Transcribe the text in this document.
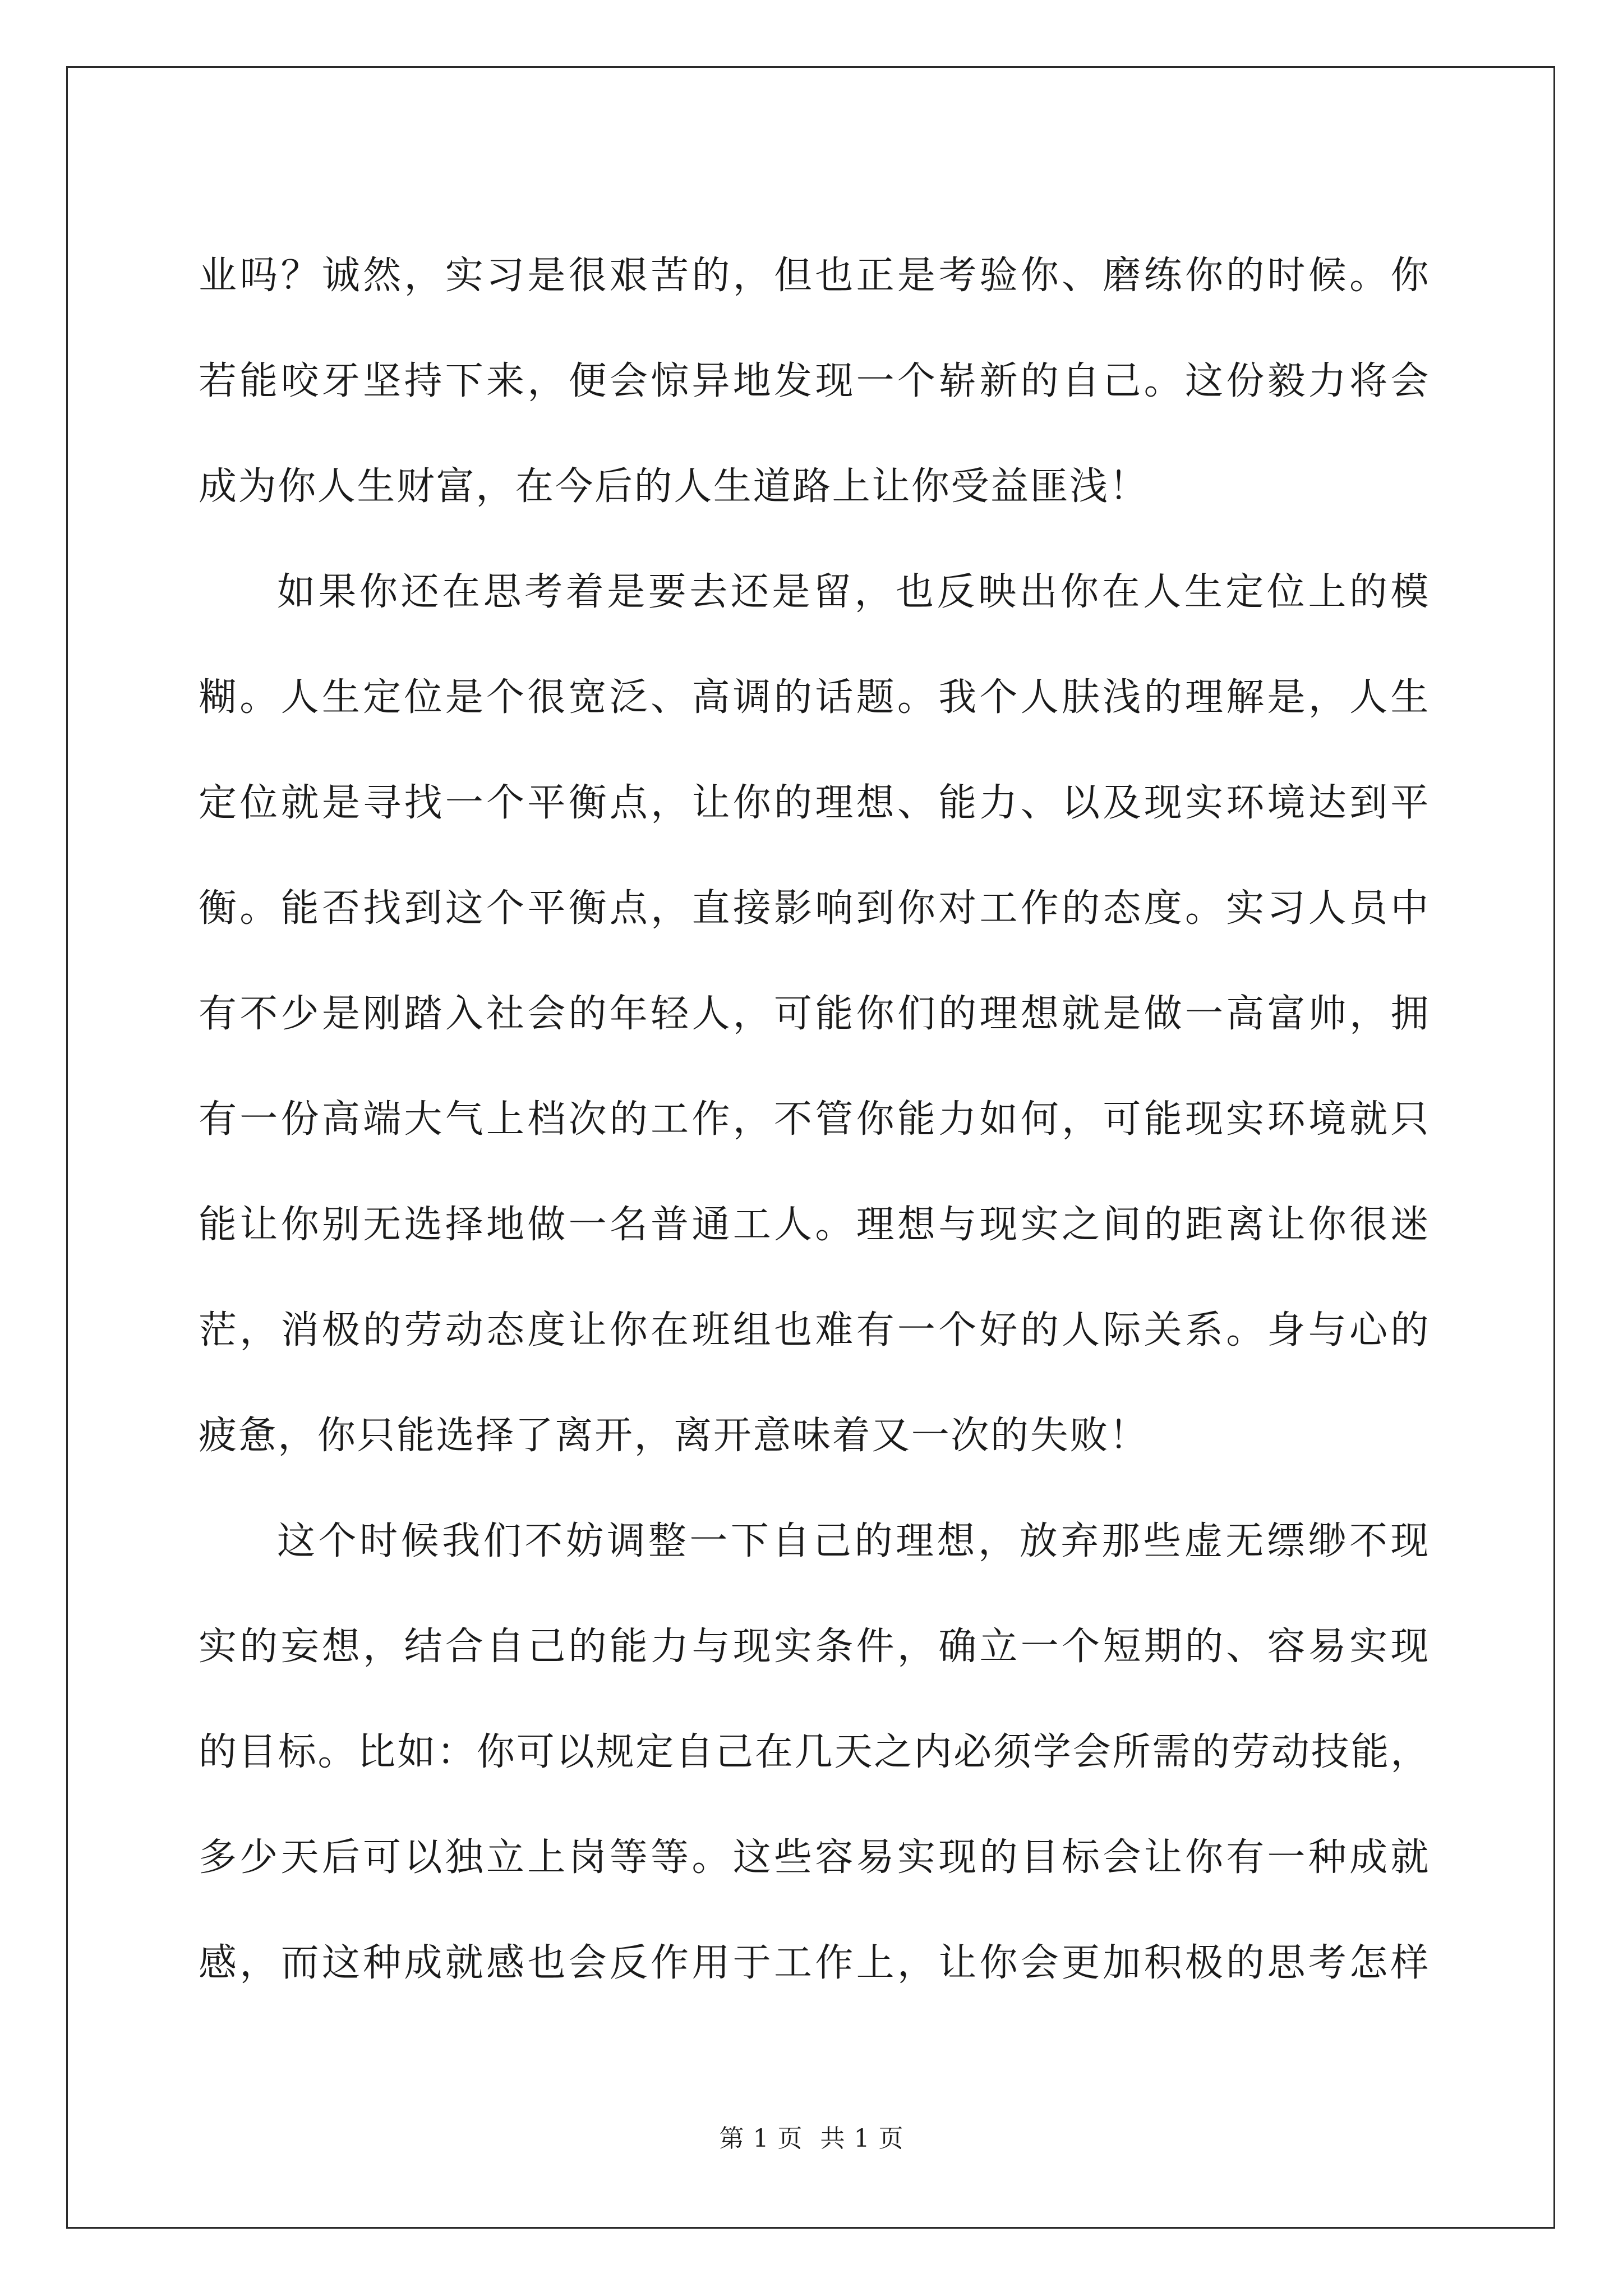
业吗？诚然，实习是很艰苦的，但也正是考验你、磨练你的时候。你
若能咬牙坚持下来，便会惊异地发现一个崭新的自己。这份毅力将会
成为你人生财富，在今后的人生道路上让你受益匪浅！
如果你还在思考着是要去还是留，也反映出你在人生定位上的模
糊。人生定位是个很宽泛、高调的话题。我个人肤浅的理解是，人生
定位就是寻找一个平衡点，让你的理想、能力、以及现实环境达到平
衡。能否找到这个平衡点，直接影响到你对工作的态度。实习人员中
有不少是刚踏入社会的年轻人，可能你们的理想就是做一高富帅，拥
有一份高端大气上档次的工作，不管你能力如何，可能现实环境就只
能让你别无选择地做一名普通工人。理想与现实之间的距离让你很迷
茫，消极的劳动态度让你在班组也难有一个好的人际关系。身与心的
疲惫，你只能选择了离开，离开意味着又一次的失败！
这个时候我们不妨调整一下自己的理想，放弃那些虚无缥缈不现
实的妄想，结合自己的能力与现实条件，确立一个短期的、容易实现
的目标。比如：你可以规定自己在几天之内必须学会所需的劳动技能，
多少天后可以独立上岗等等。这些容易实现的目标会让你有一种成就
感，而这种成就感也会反作用于工作上，让你会更加积极的思考怎样
第 1 页 共 1 页
